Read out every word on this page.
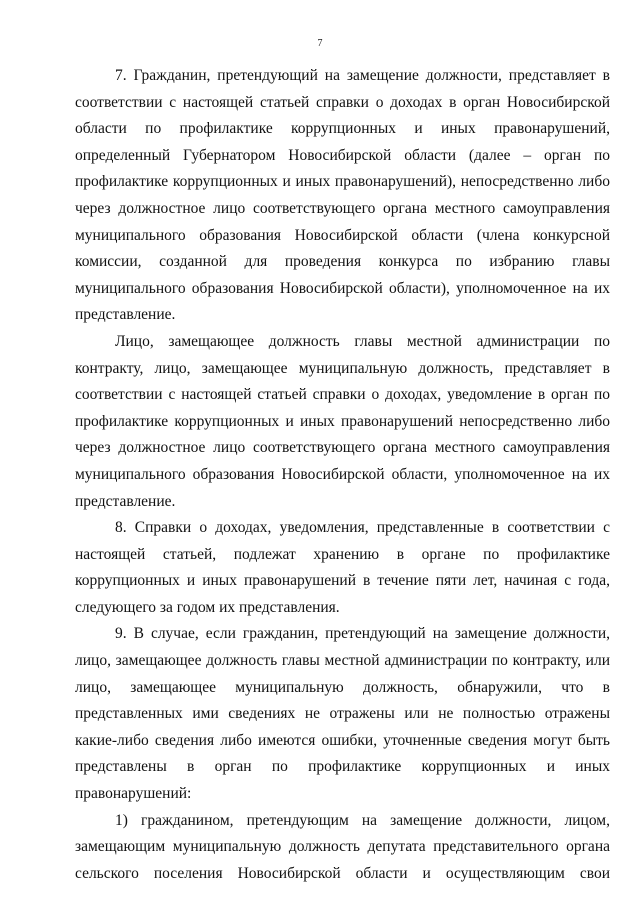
7

7. Гражданин, претендующий на замещение должности, представляет в соответствии с настоящей статьей справки о доходах в орган Новосибирской области по профилактике коррупционных и иных правонарушений, определенный Губернатором Новосибирской области (далее – орган по профилактике коррупционных и иных правонарушений), непосредственно либо через должностное лицо соответствующего органа местного самоуправления муниципального образования Новосибирской области (члена конкурсной комиссии, созданной для проведения конкурса по избранию главы муниципального образования Новосибирской области), уполномоченное на их представление.

Лицо, замещающее должность главы местной администрации по контракту, лицо, замещающее муниципальную должность, представляет в соответствии с настоящей статьей справки о доходах, уведомление в орган по профилактике коррупционных и иных правонарушений непосредственно либо через должностное лицо соответствующего органа местного самоуправления муниципального образования Новосибирской области, уполномоченное на их представление.

8. Справки о доходах, уведомления, представленные в соответствии с настоящей статьей, подлежат хранению в органе по профилактике коррупционных и иных правонарушений в течение пяти лет, начиная с года, следующего за годом их представления.

9. В случае, если гражданин, претендующий на замещение должности, лицо, замещающее должность главы местной администрации по контракту, или лицо, замещающее муниципальную должность, обнаружили, что в представленных ими сведениях не отражены или не полностью отражены какие-либо сведения либо имеются ошибки, уточненные сведения могут быть представлены в орган по профилактике коррупционных и иных правонарушений:

1) гражданином, претендующим на замещение должности, лицом, замещающим муниципальную должность депутата представительного органа сельского поселения Новосибирской области и осуществляющим свои
